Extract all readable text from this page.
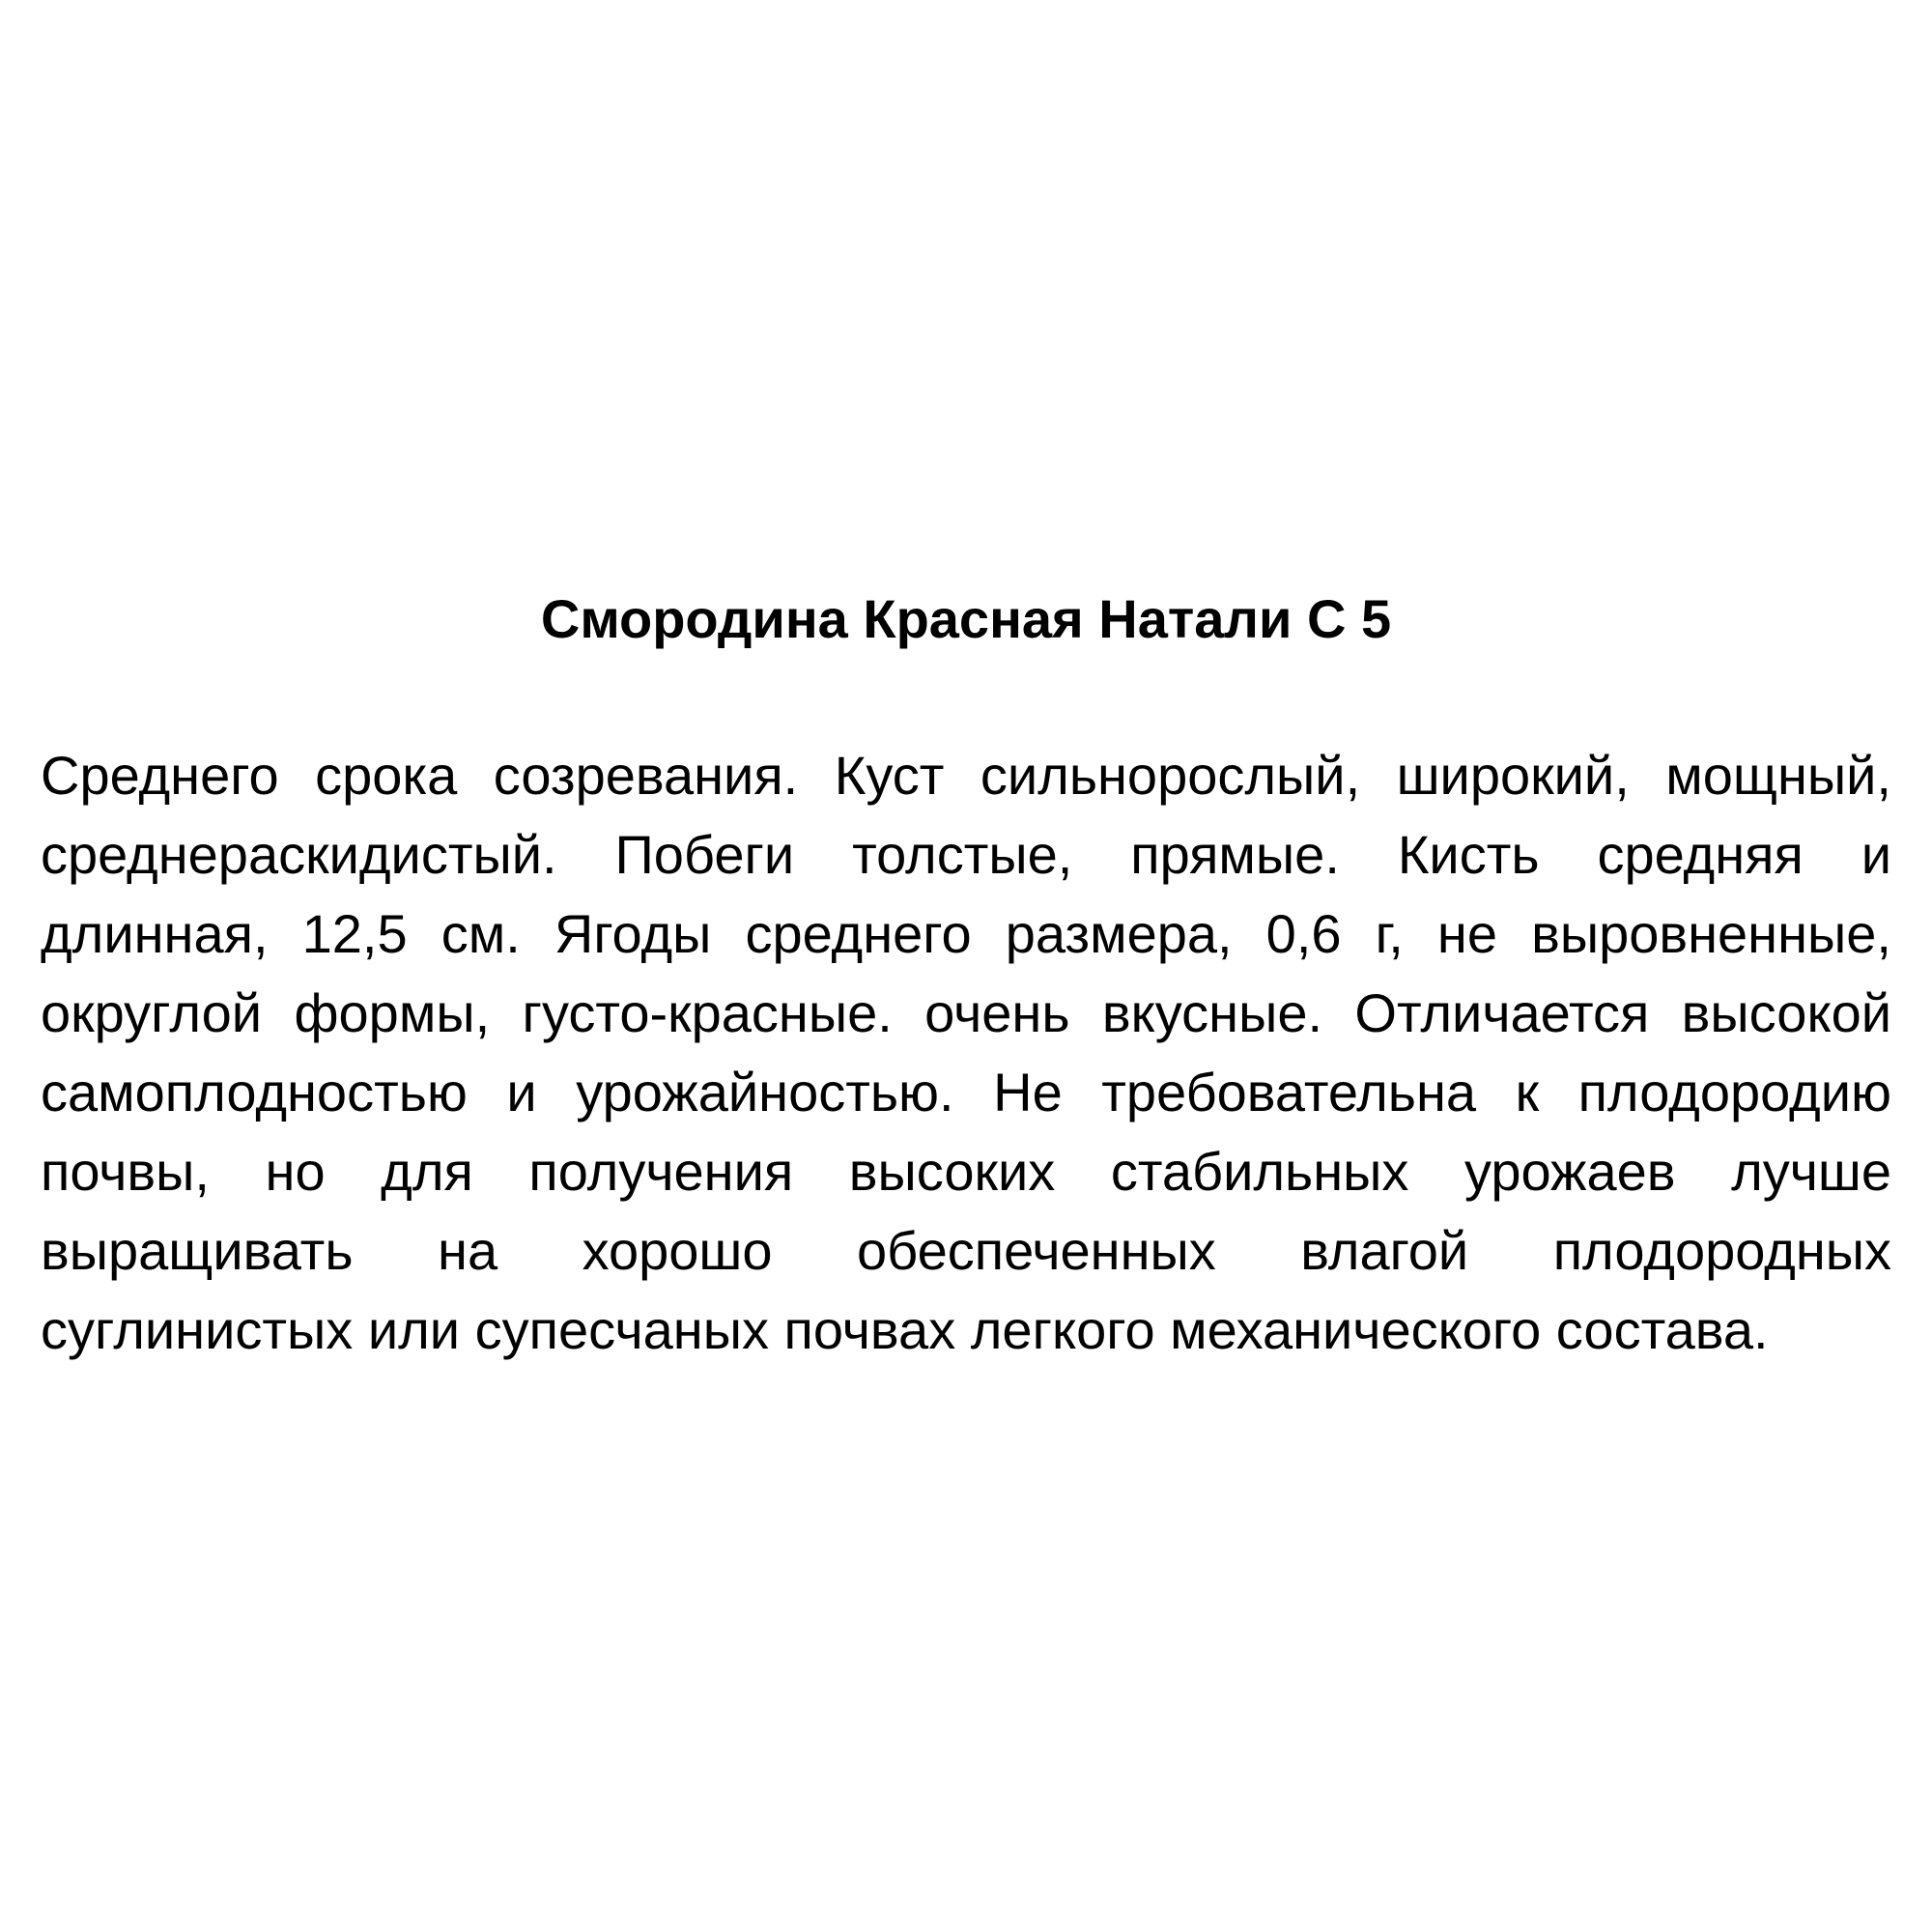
Смородина Красная Натали С 5
Среднего срока созревания. Куст сильнорослый, широкий, мощный,
среднераскидистый. Побеги толстые, прямые. Кисть средняя и
длинная, 12,5 см. Ягоды среднего размера, 0,6 г, не выровненные,
округлой формы, густо-красные. очень вкусные. Отличается высокой
самоплодностью и урожайностью. Не требовательна к плодородию
почвы, но для получения высоких стабильных урожаев лучше
выращивать на хорошо обеспеченных влагой плодородных
суглинистых или супесчаных почвах легкого механического состава.
